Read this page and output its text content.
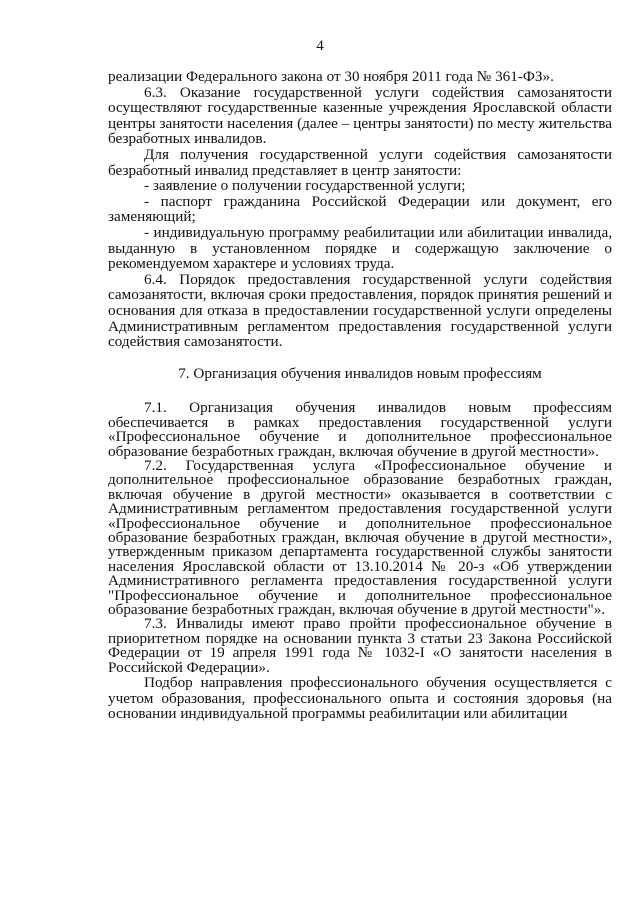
4

реализации Федерального закона от 30 ноября 2011 года № 361-ФЗ».

6.3. Оказание государственной услуги содействия самозанятости осуществляют государственные казенные учреждения Ярославской области центры занятости населения (далее – центры занятости) по месту жительства безработных инвалидов.

Для получения государственной услуги содействия самозанятости безработный инвалид представляет в центр занятости:

- заявление о получении государственной услуги;

- паспорт гражданина Российской Федерации или документ, его заменяющий;

- индивидуальную программу реабилитации или абилитации инвалида, выданную в установленном порядке и содержащую заключение о рекомендуемом характере и условиях труда.

6.4. Порядок предоставления государственной услуги содействия самозанятости, включая сроки предоставления, порядок принятия решений и основания для отказа в предоставлении государственной услуги определены Административным регламентом предоставления государственной услуги содействия самозанятости.

7. Организация обучения инвалидов новым профессиям

7.1. Организация обучения инвалидов новым профессиям обеспечивается в рамках предоставления государственной услуги «Профессиональное обучение и дополнительное профессиональное образование безработных граждан, включая обучение в другой местности».

7.2. Государственная услуга «Профессиональное обучение и дополнительное профессиональное образование безработных граждан, включая обучение в другой местности» оказывается в соответствии с Административным регламентом предоставления государственной услуги «Профессиональное обучение и дополнительное профессиональное образование безработных граждан, включая обучение в другой местности», утвержденным приказом департамента государственной службы занятости населения Ярославской области от 13.10.2014 № 20-з «Об утверждении Административного регламента предоставления государственной услуги "Профессиональное обучение и дополнительное профессиональное образование безработных граждан, включая обучение в другой местности"».

7.3. Инвалиды имеют право пройти профессиональное обучение в приоритетном порядке на основании пункта 3 статьи 23 Закона Российской Федерации от 19 апреля 1991 года № 1032-I «О занятости населения в Российской Федерации».

Подбор направления профессионального обучения осуществляется с учетом образования, профессионального опыта и состояния здоровья (на основании индивидуальной программы реабилитации или абилитации
